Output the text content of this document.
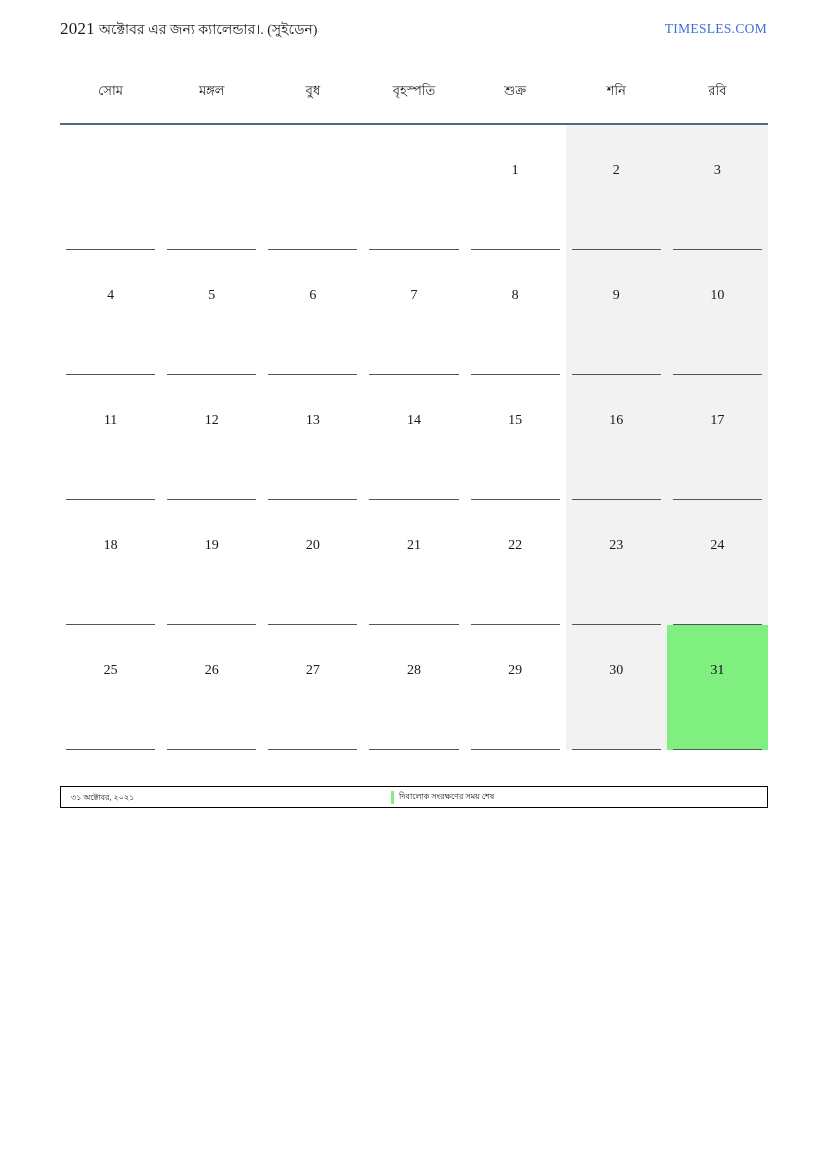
2021 অক্টোবর এর জন্য ক্যালেন্ডার।. (সুইডেন)	TIMESLES.COM
সোম	মঙ্গল	বুধ	বৃহস্পতি	শুক্র	শনি	রবি

				1	2	3

4	5	6	7	8	9	10

11	12	13	14	15	16	17

18	19	20	21	22	23	24

25	26	27	28	29	30	31
৩১ অক্টোবর, ২০২১	দিবালোক সংরক্ষণের সময় শেষ
